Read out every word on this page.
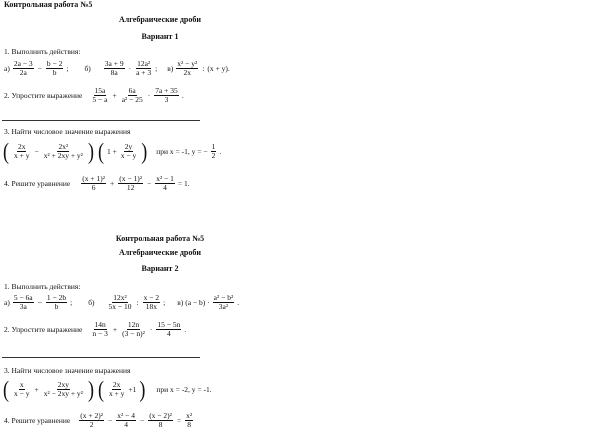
Контрольная работа №5
Алгебраические дроби
Вариант 1
1. Выполнить действия:
$а) \frac{2a - 3}{2a} - \frac{b - 2}{b}$ ; $б) \frac{3a + 9}{8a} \cdot \frac{\text{12a²}}{a + 3}$ ; $в) \frac{\text{x² − y²}}{2x}$ : (x + y).
2. Упростите выражение $\frac{15a}{5 - a} + \frac{6a}{\text{a² − 25}} \cdot \frac{7a + 35}{3}$ .
3. Найти числовое значение выражения
( $\frac{2x}{x + y} - \frac{\text{2x²}}{\text{x² + 2xy + y²}}$ ) ( $1 + \frac{2y}{x - y}$ ) при x = -1, y = − $\frac{1}{2}$ .
4. Решите уравнение $\frac{\text{(x + 1)²}}{6} + \frac{\text{(x − 1)²}}{12} - \frac{\text{x² − 1}}{4} = 1$.
Контрольная работа №5
Алгебраические дроби
Вариант 2
1. Выполнить действия:
$а) \frac{5 - 6a}{3a} - \frac{1 - 2b}{b}$ ; $б) \frac{\text{12x²}}{5x - 10}$ : $\frac{x - 2}{18x}$ ; в) $(a - b) \cdot \frac{\text{a² − b²}}{\text{3a²}}$ .
2. Упростите выражение $\frac{14n}{n - 3} + \frac{12n}{\text{(3 − n)²}} \cdot \frac{15 - 5n}{4}$ .
3. Найти числовое значение выражения
( $\frac{x}{x - y} + \frac{2xy}{\text{x² − 2xy + y²}}$ ) ( $\frac{2x}{x + y} +1$ ) при x = -2, y = -1.
4. Решите уравнение $\frac{\text{(x + 2)²}}{2} - \frac{\text{x² − 4}}{4} - \frac{\text{(x − 2)²}}{8} = \frac{\text{x²}}{8}$
